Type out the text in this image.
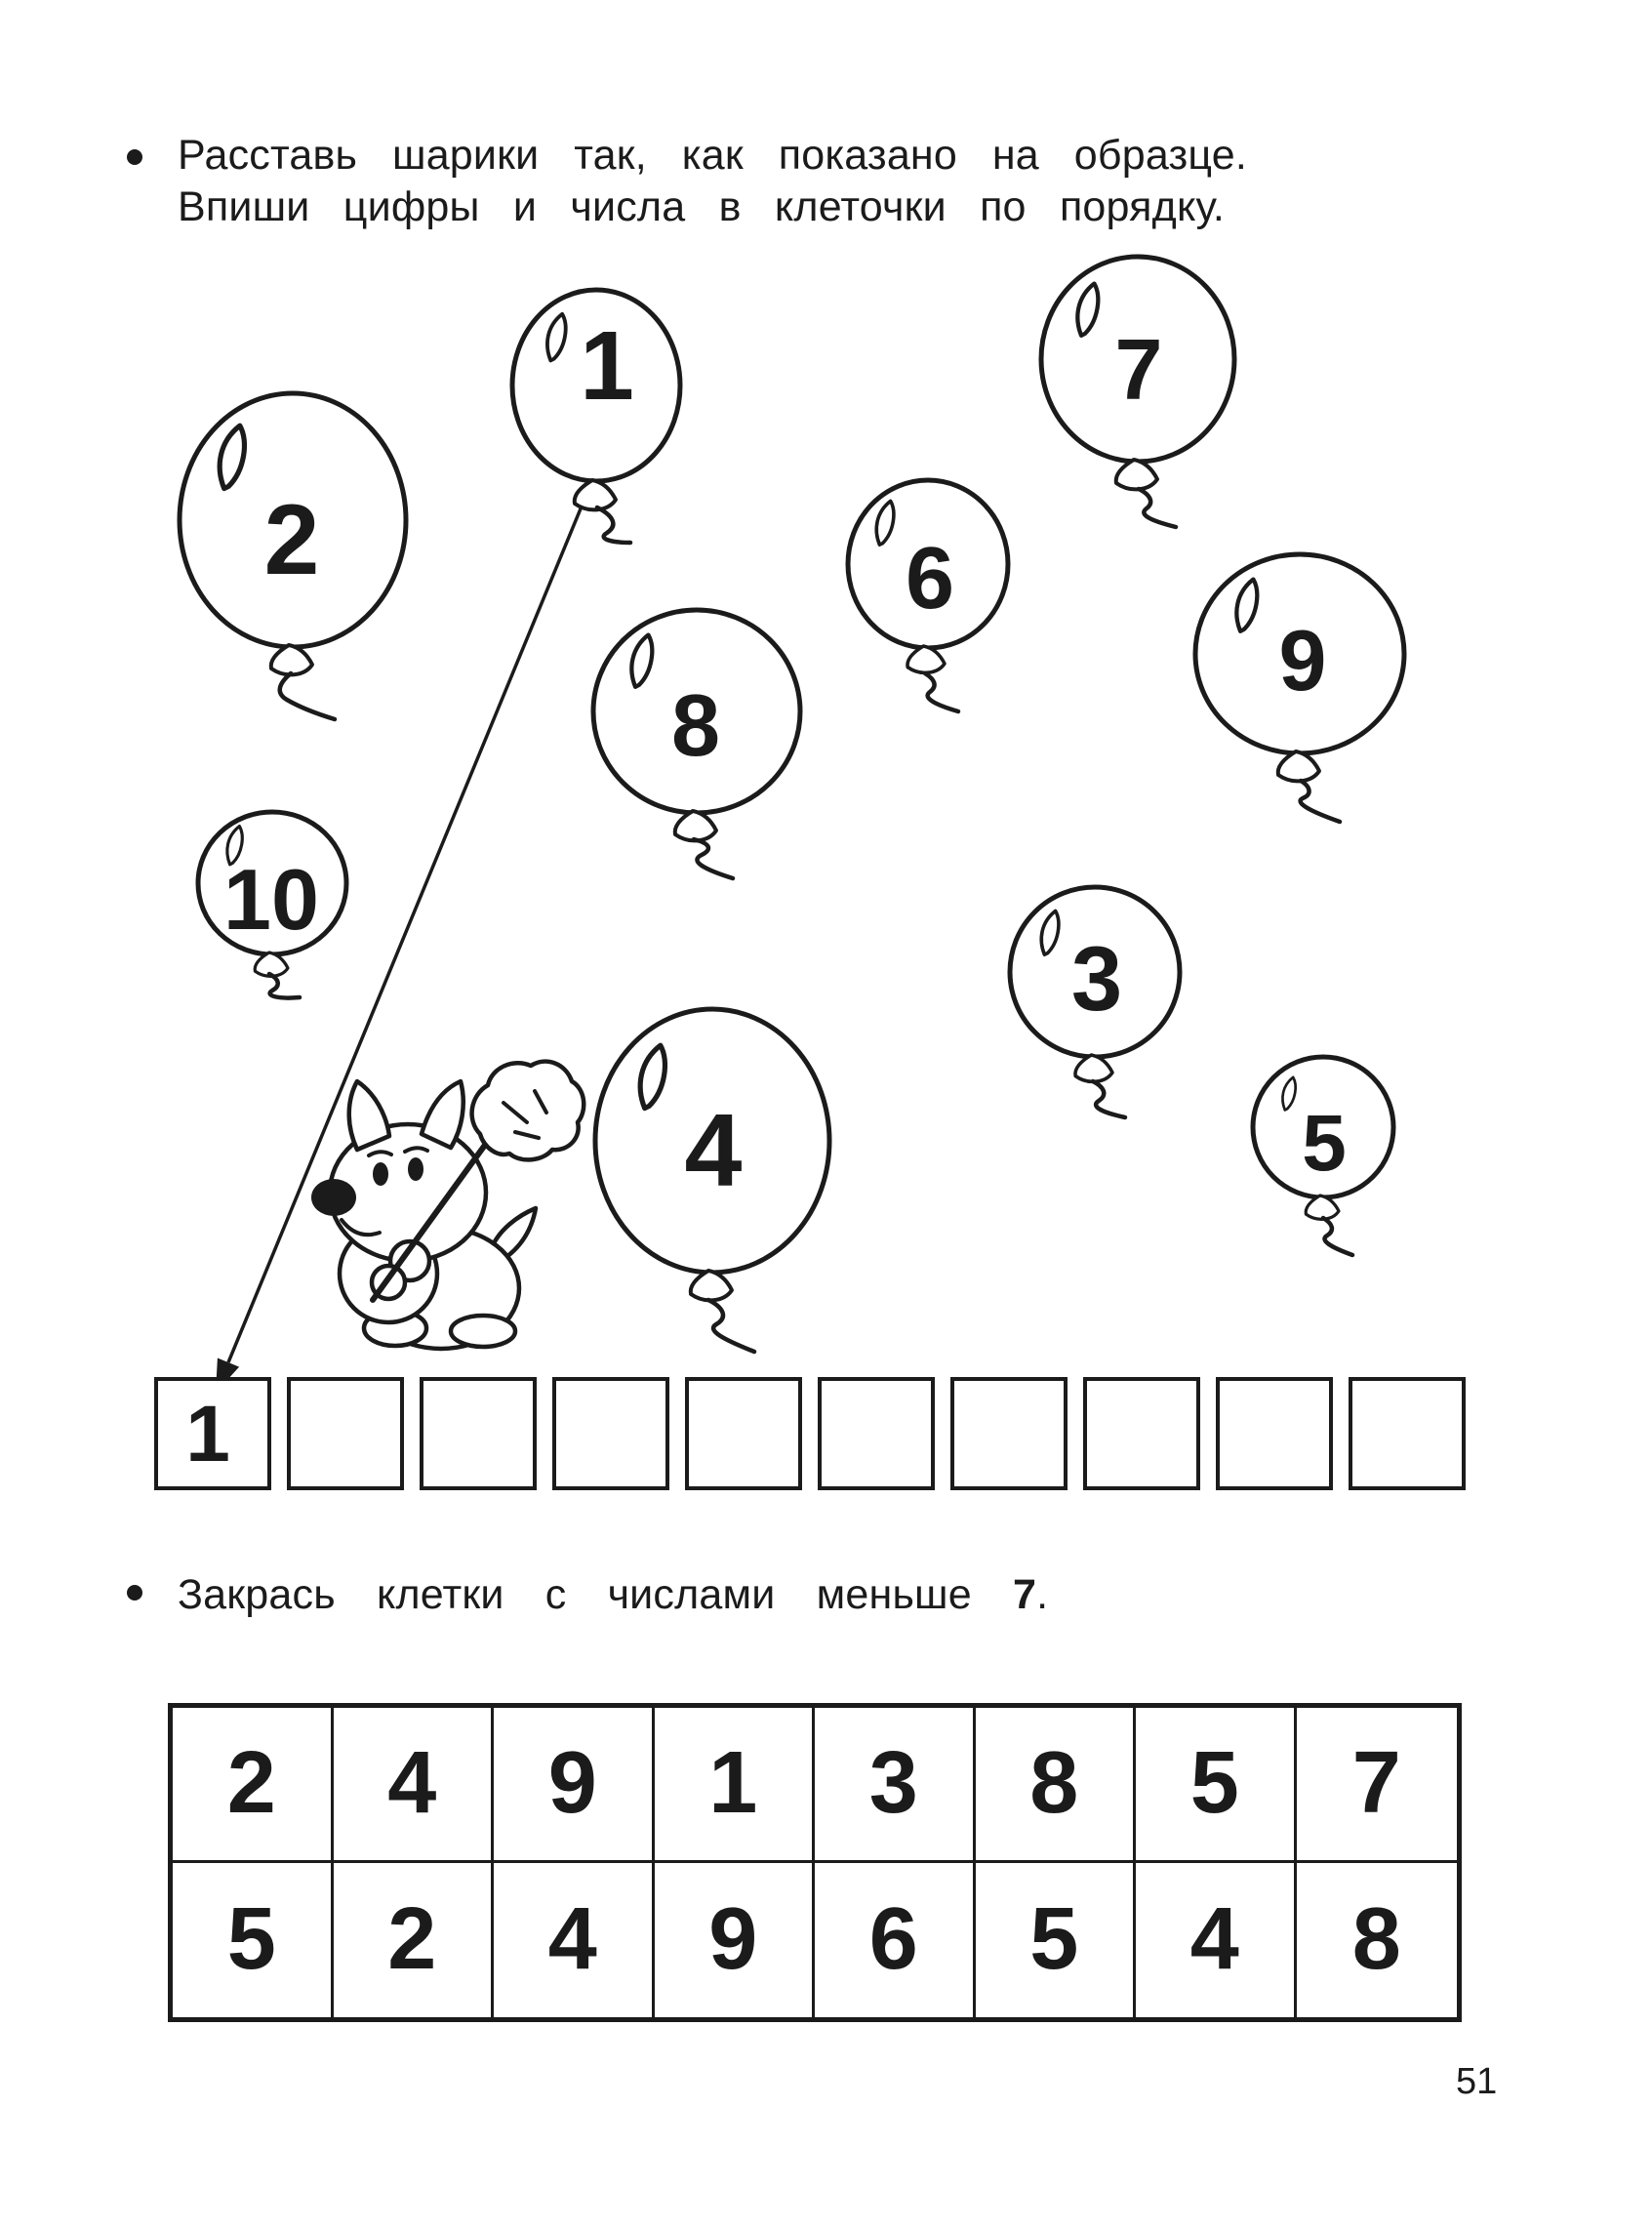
Расставь шарики так, как показано на образце.
Впиши цифры и числа в клеточки по порядку.
1
2
7
6
9
8
10
3
4	5
1
Закрась клетки с числами меньше 7.
2	4	9	1	3	8	5	7
5	2	4	9	6	5	4	8
51
